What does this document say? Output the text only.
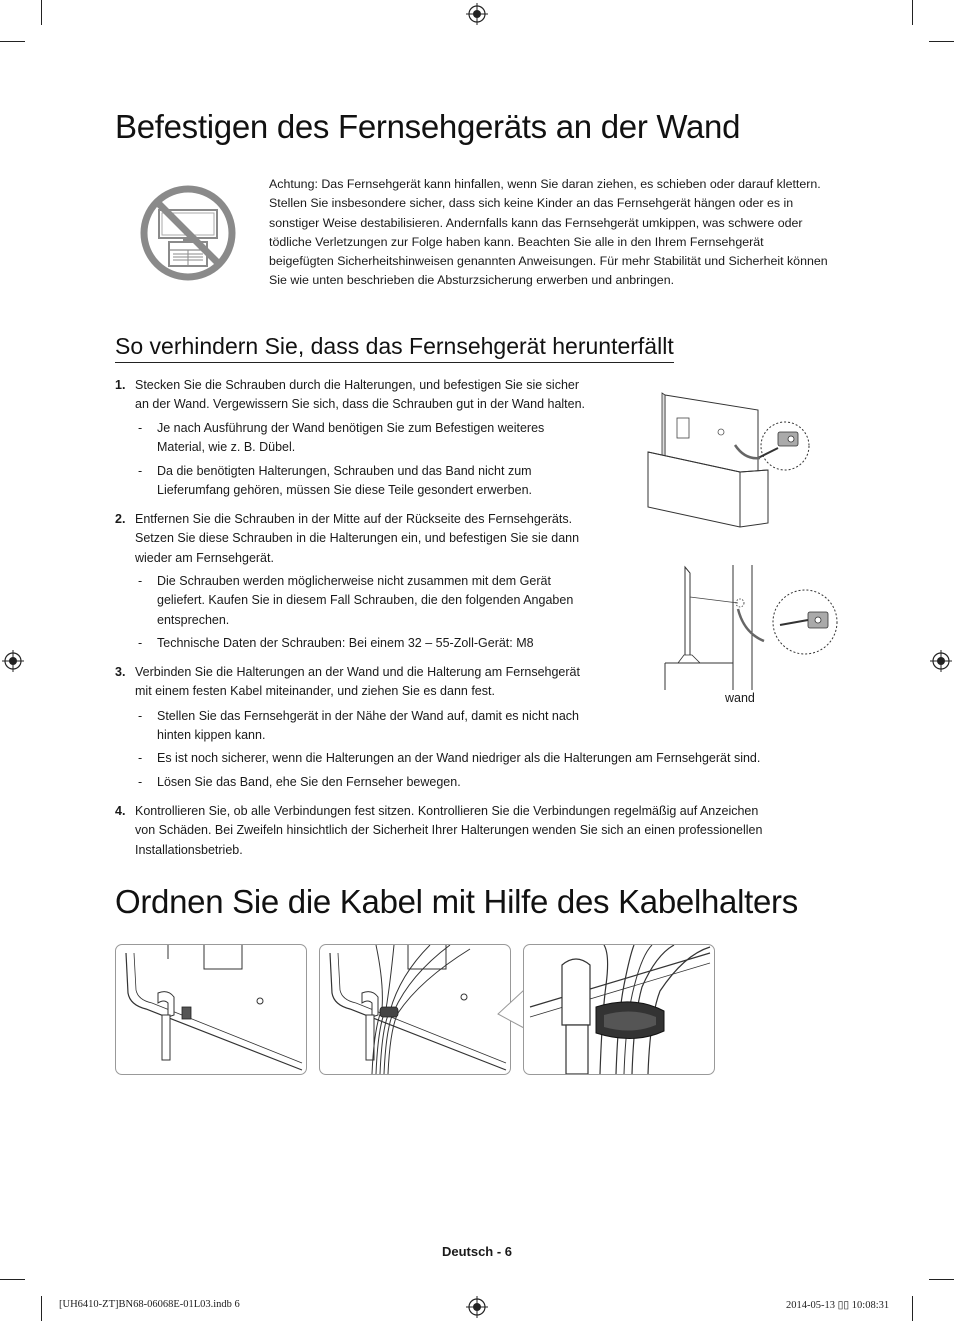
Befestigen des Fernsehgeräts an der Wand
Achtung: Das Fernsehgerät kann hinfallen, wenn Sie daran ziehen, es schieben oder darauf klettern. Stellen Sie insbesondere sicher, dass sich keine Kinder an das Fernsehgerät hängen oder es in sonstiger Weise destabilisieren. Andernfalls kann das Fernsehgerät umkippen, was schwere oder tödliche Verletzungen zur Folge haben kann. Beachten Sie alle in den Ihrem Fernsehgerät beigefügten Sicherheitshinweisen genannten Anweisungen. Für mehr Stabilität und Sicherheit können Sie wie unten beschrieben die Absturzsicherung erwerben und anbringen.
So verhindern Sie, dass das Fernsehgerät herunterfällt
1. Stecken Sie die Schrauben durch die Halterungen, und befestigen Sie sie sicher
an der Wand. Vergewissern Sie sich, dass die Schrauben gut in der Wand halten.
- Je nach Ausführung der Wand benötigen Sie zum Befestigen weiteres
Material, wie z. B. Dübel.
- Da die benötigten Halterungen, Schrauben und das Band nicht zum
Lieferumfang gehören, müssen Sie diese Teile gesondert erwerben.
2. Entfernen Sie die Schrauben in der Mitte auf der Rückseite des Fernsehgeräts.
Setzen Sie diese Schrauben in die Halterungen ein, und befestigen Sie sie dann
wieder am Fernsehgerät.
- Die Schrauben werden möglicherweise nicht zusammen mit dem Gerät
geliefert. Kaufen Sie in diesem Fall Schrauben, die den folgenden Angaben
entsprechen.
- Technische Daten der Schrauben: Bei einem 32 – 55-Zoll-Gerät: M8
3. Verbinden Sie die Halterungen an der Wand und die Halterung am Fernsehgerät
mit einem festen Kabel miteinander, und ziehen Sie es dann fest.
- Stellen Sie das Fernsehgerät in der Nähe der Wand auf, damit es nicht nach
hinten kippen kann.
- Es ist noch sicherer, wenn die Halterungen an der Wand niedriger als die Halterungen am Fernsehgerät sind.
- Lösen Sie das Band, ehe Sie den Fernseher bewegen.
4. Kontrollieren Sie, ob alle Verbindungen fest sitzen. Kontrollieren Sie die Verbindungen regelmäßig auf Anzeichen
von Schäden. Bei Zweifeln hinsichtlich der Sicherheit Ihrer Halterungen wenden Sie sich an einen professionellen
Installationsbetrieb.
wand
Ordnen Sie die Kabel mit Hilfe des Kabelhalters
Deutsch - 6
[UH6410-ZT]BN68-06068E-01L03.indb 6	2014-05-13 ▯▯ 10:08:31
